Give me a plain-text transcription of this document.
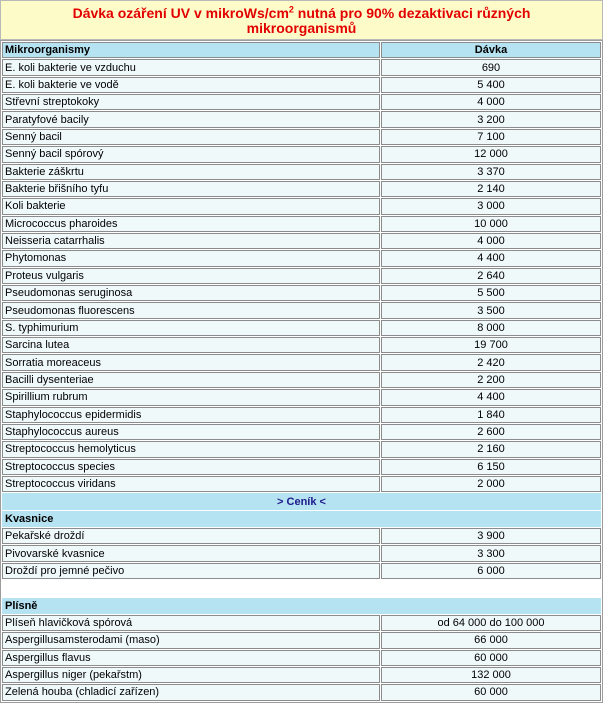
Dávka ozáření UV v mikroWs/$cm^2$ nutná pro 90% dezaktivaci různých
mikroorganismů
Mikroorganismy	Dávka
E. koli bakterie ve vzduchu	690
E. koli bakterie ve vodě	5 400
Střevní streptokoky	4 000
Paratyfové bacily	3 200
Senný bacil	7 100
Senný bacil spórový	12 000
Bakterie záškrtu	3 370
Bakterie břišního tyfu	2 140
Koli bakterie	3 000
Micrococcus pharoides	10 000
Neisseria catarrhalis	4 000
Phytomonas	4 400
Proteus vulgaris	2 640
Pseudomonas seruginosa	5 500
Pseudomonas fluorescens	3 500
S. typhimurium	8 000
Sarcina lutea	19 700
Sorratia moreaceus	2 420
Bacilli dysenteriae	2 200
Spirillium rubrum	4 400
Staphylococcus epidermidis	1 840
Staphylococcus aureus	2 600
Streptococcus hemolyticus	2 160
Streptococcus species	6 150
Streptococcus viridans	2 000
> Ceník <	
Kvasnice	
Pekařské droždí	3 900
Pivovarské kvasnice	3 300
Droždí pro jemné pečivo	6 000

Plísně	
Plíseň hlavičková spórová	od 64 000 do 100 000
Aspergillusamsterodami (maso)	66 000
Aspergillus flavus	60 000
Aspergillus niger (pekařstm)	132 000
Zelená houba (chladicí zařízen)	60 000
